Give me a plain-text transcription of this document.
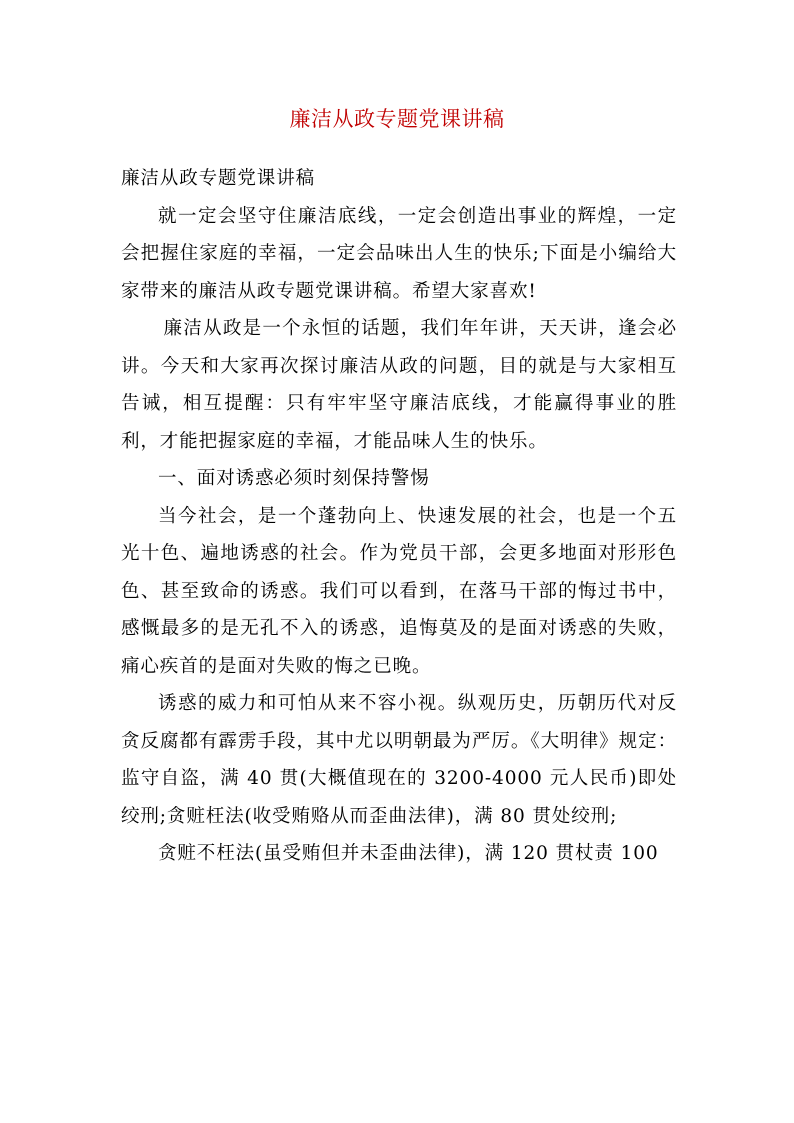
廉洁从政专题党课讲稿

廉洁从政专题党课讲稿

就一定会坚守住廉洁底线，一定会创造出事业的辉煌，一定会把握住家庭的幸福，一定会品味出人生的快乐;下面是小编给大家带来的廉洁从政专题党课讲稿。希望大家喜欢!

廉洁从政是一个永恒的话题，我们年年讲，天天讲，逢会必讲。今天和大家再次探讨廉洁从政的问题，目的就是与大家相互告诫，相互提醒：只有牢牢坚守廉洁底线，才能赢得事业的胜利，才能把握家庭的幸福，才能品味人生的快乐。

一、面对诱惑必须时刻保持警惕

当今社会，是一个蓬勃向上、快速发展的社会，也是一个五光十色、遍地诱惑的社会。作为党员干部，会更多地面对形形色色、甚至致命的诱惑。我们可以看到，在落马干部的悔过书中，感慨最多的是无孔不入的诱惑，追悔莫及的是面对诱惑的失败，痛心疾首的是面对失败的悔之已晚。

诱惑的威力和可怕从来不容小视。纵观历史，历朝历代对反贪反腐都有霹雳手段，其中尤以明朝最为严厉。《大明律》规定：监守自盗，满 40 贯(大概值现在的 3200-4000 元人民币)即处绞刑;贪赃枉法(收受贿赂从而歪曲法律)，满 80 贯处绞刑;

贪赃不枉法(虽受贿但并未歪曲法律)，满 120 贯杖责 100
